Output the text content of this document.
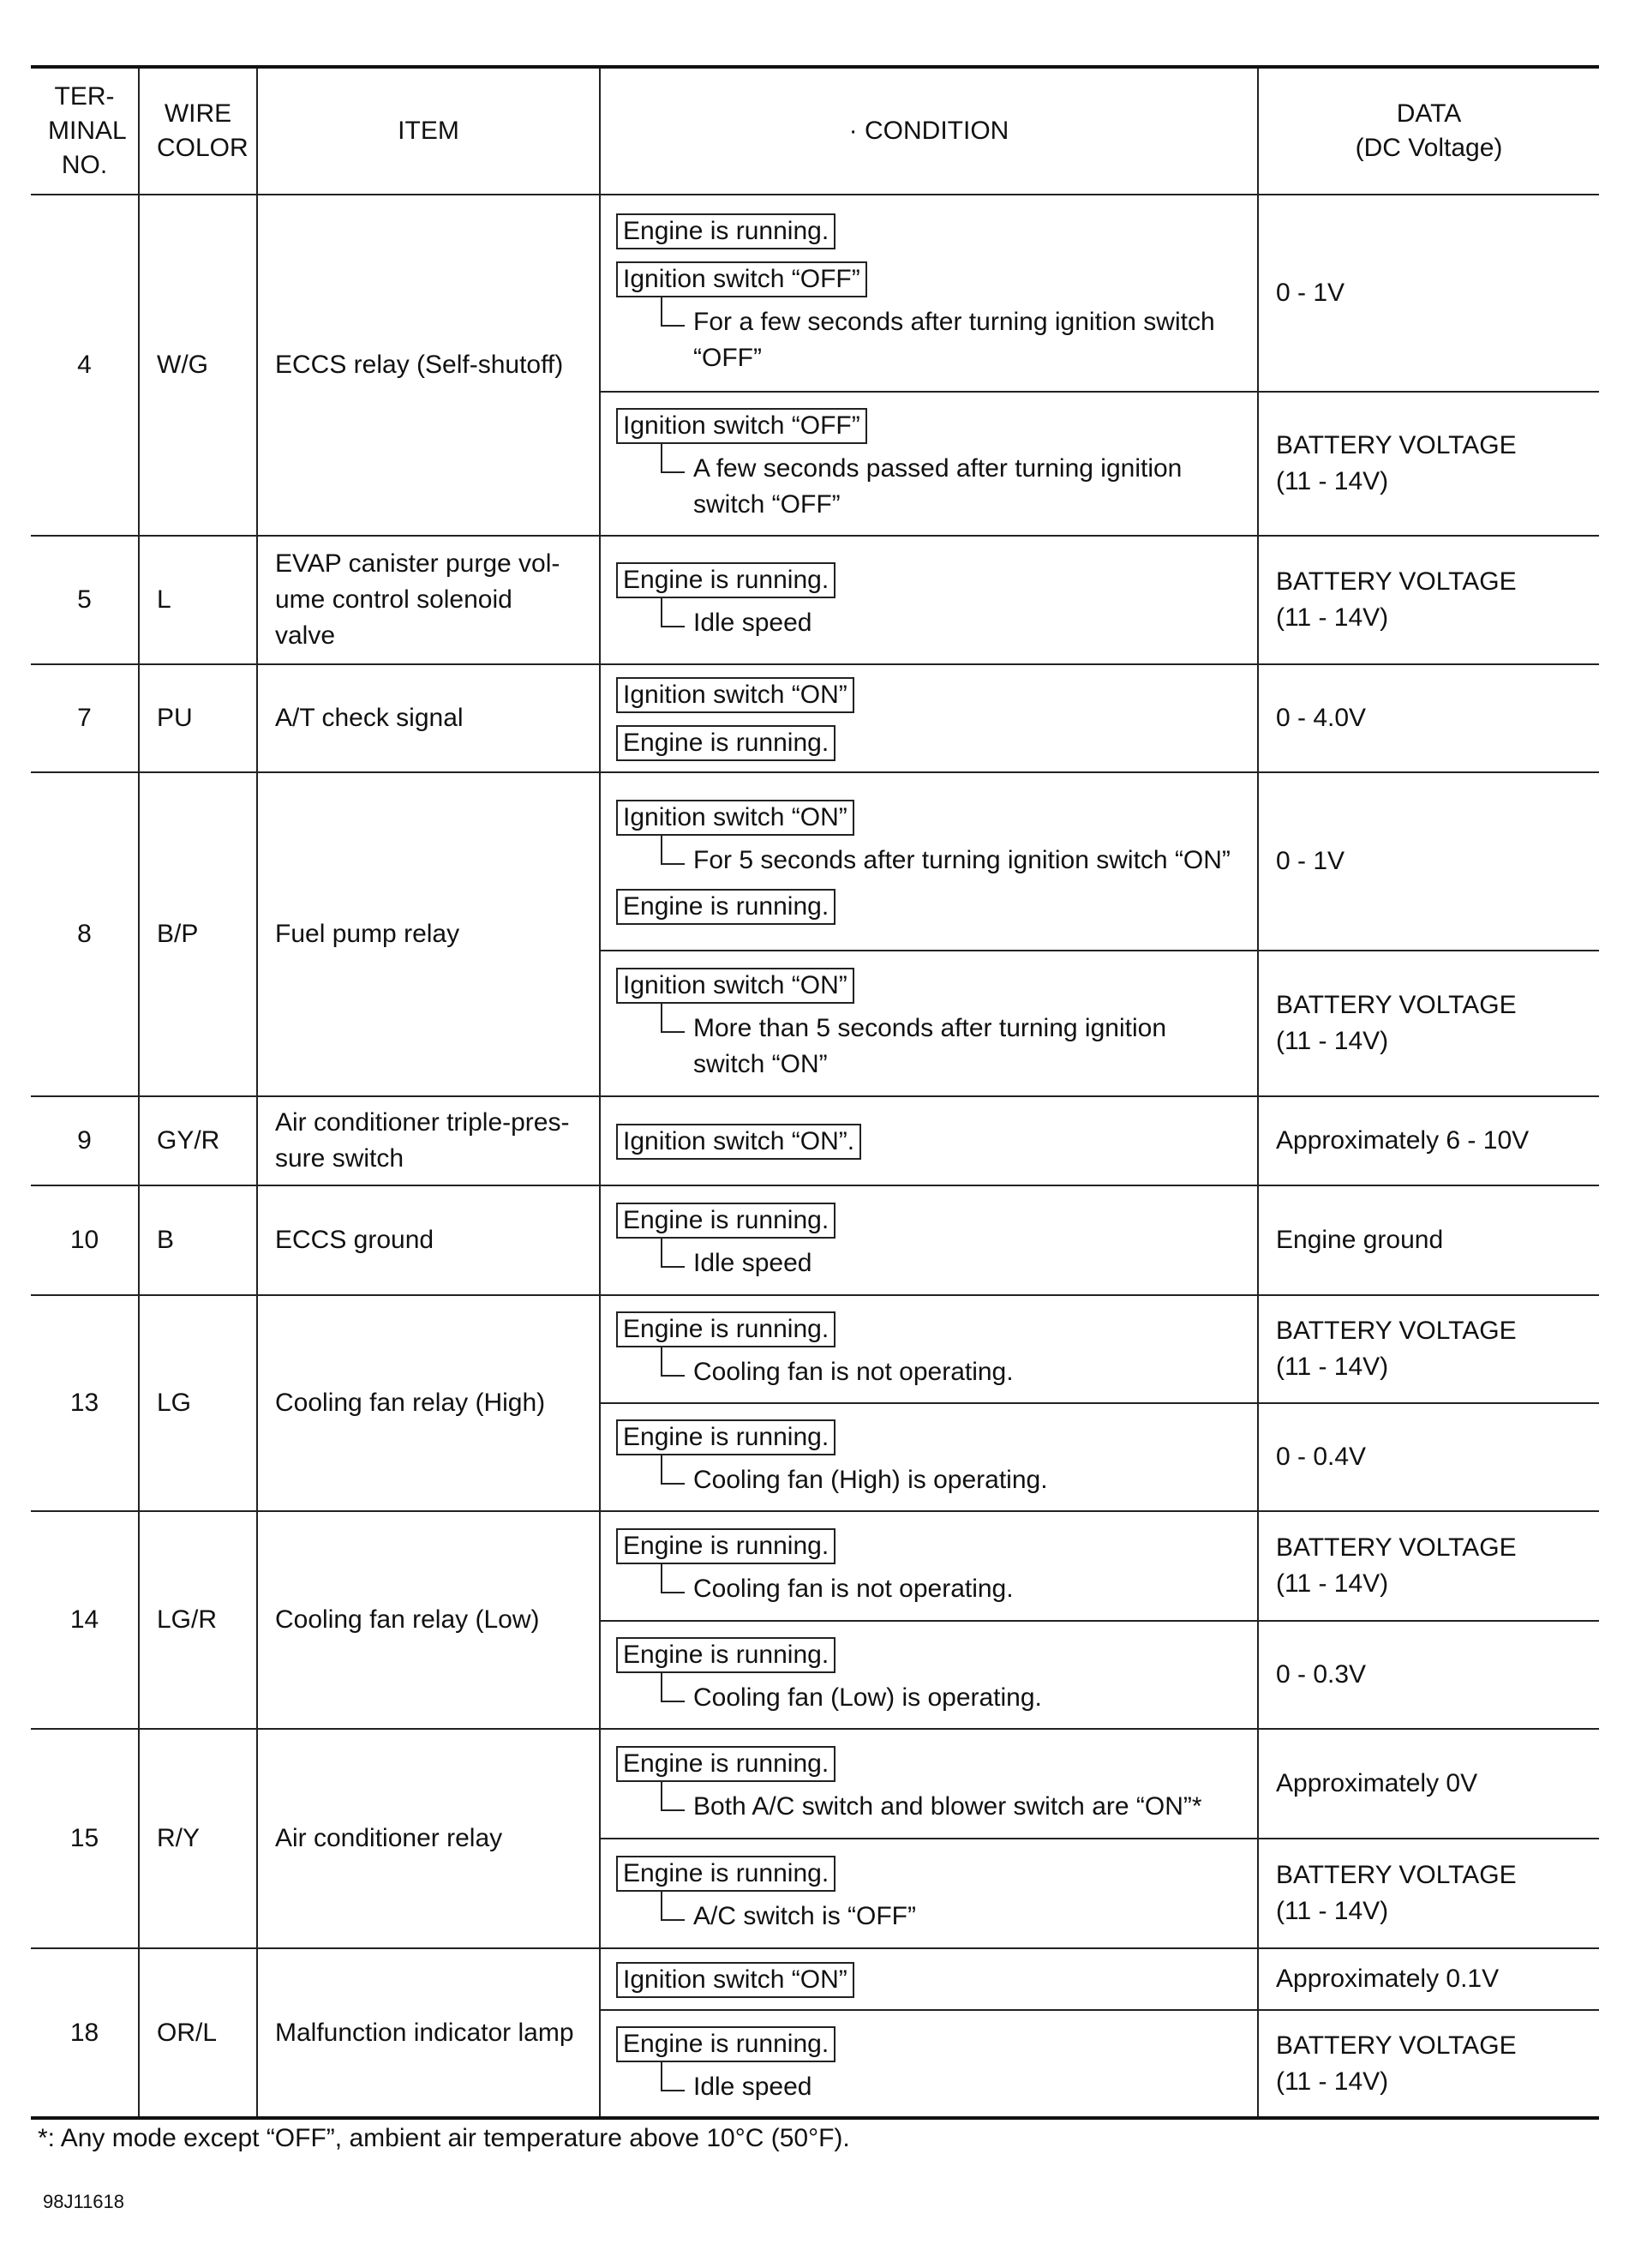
TER-
MINAL
NO.	WIRE
COLOR	ITEM	· CONDITION	DATA
(DC Voltage)
4	W/G	ECCS relay (Self-shutoff)	Engine is running.
Ignition switch “OFF”
For a few seconds after turning ignition switch “OFF”	0 - 1V

			Ignition switch “OFF”
A few seconds passed after turning ignition switch “OFF”	BATTERY VOLTAGE
(11 - 14V)
5	L	EVAP canister purge vol-
ume control solenoid
valve	Engine is running.
Idle speed	BATTERY VOLTAGE
(11 - 14V)
7	PU	A/T check signal	Ignition switch “ON”
Engine is running.	0 - 4.0V
8	B/P	Fuel pump relay	Ignition switch “ON”
For 5 seconds after turning ignition switch “ON”
Engine is running.	0 - 1V

			Ignition switch “ON”
More than 5 seconds after turning ignition switch “ON”	BATTERY VOLTAGE
(11 - 14V)
9	GY/R	Air conditioner triple-pres-
sure switch	Ignition switch “ON”.	Approximately 6 - 10V
10	B	ECCS ground	Engine is running.
Idle speed	Engine ground
13	LG	Cooling fan relay (High)	Engine is running.
Cooling fan is not operating.	BATTERY VOLTAGE
(11 - 14V)

			Engine is running.
Cooling fan (High) is operating.	0 - 0.4V
14	LG/R	Cooling fan relay (Low)	Engine is running.
Cooling fan is not operating.	BATTERY VOLTAGE
(11 - 14V)

			Engine is running.
Cooling fan (Low) is operating.	0 - 0.3V
15	R/Y	Air conditioner relay	Engine is running.
Both A/C switch and blower switch are “ON”*	Approximately 0V

			Engine is running.
A/C switch is “OFF”	BATTERY VOLTAGE
(11 - 14V)
18	OR/L	Malfunction indicator lamp	Ignition switch “ON”	Approximately 0.1V

			Engine is running.
Idle speed	BATTERY VOLTAGE
(11 - 14V)
*: Any mode except “OFF”, ambient air temperature above 10°C (50°F).
98J11618
